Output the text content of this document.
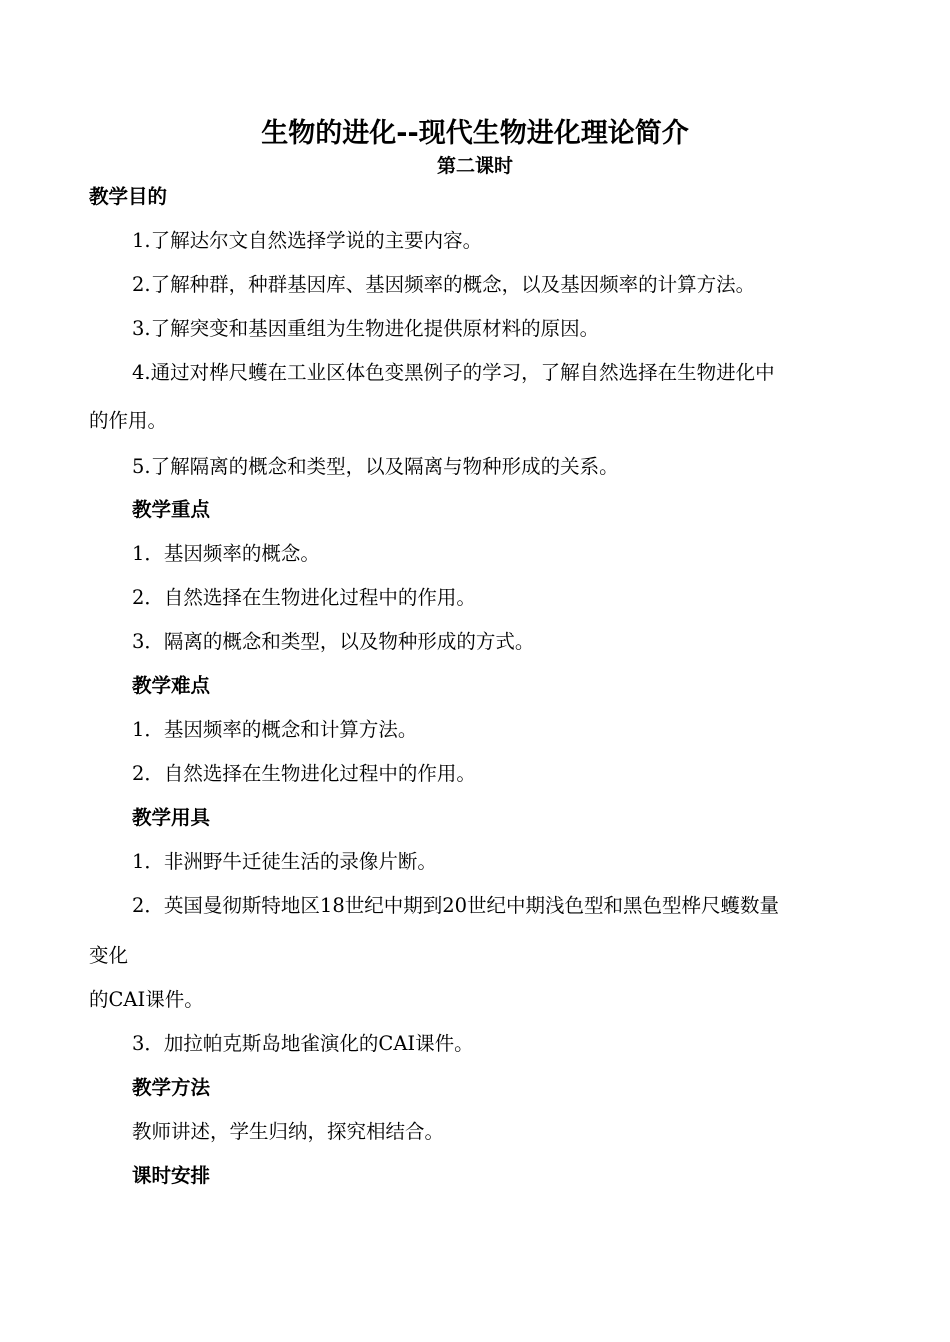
生物的进化--现代生物进化理论简介
第二课时
教学目的
1.了解达尔文自然选择学说的主要内容。
2.了解种群，种群基因库、基因频率的概念，以及基因频率的计算方法。
3.了解突变和基因重组为生物进化提供原材料的原因。
4.通过对桦尺蠖在工业区体色变黑例子的学习，了解自然选择在生物进化中
的作用。
5.了解隔离的概念和类型，以及隔离与物种形成的关系。
教学重点
1．基因频率的概念。
2．自然选择在生物进化过程中的作用。
3．隔离的概念和类型，以及物种形成的方式。
教学难点
1．基因频率的概念和计算方法。
2．自然选择在生物进化过程中的作用。
教学用具
1．非洲野牛迁徒生活的录像片断。
2．英国曼彻斯特地区18世纪中期到20世纪中期浅色型和黑色型桦尺蠖数量
变化
的CAI课件。
3．加拉帕克斯岛地雀演化的CAI课件。
教学方法
教师讲述，学生归纳，探究相结合。
课时安排
